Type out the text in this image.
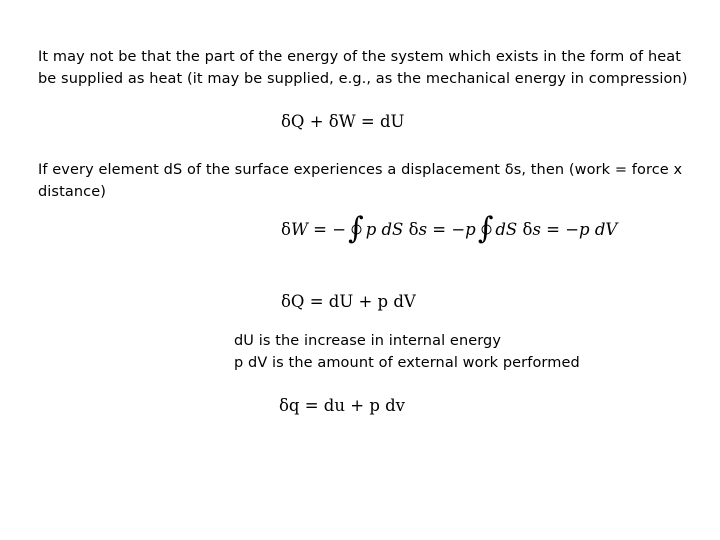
It may not be that the part of the energy of the system which exists in the form of heat be supplied as heat (it may be supplied, e.g., as the mechanical energy in compression)
δQ + δW = dU
If every element dS of the surface experiences a displacement δs, then (work = force x distance)
δW = − ∫ p dS δs = −p ∫ dS δs = −p dV
δQ = dU + p dV
dU is the increase in internal energy
p dV is the amount of external work performed
δq = du + p dv
